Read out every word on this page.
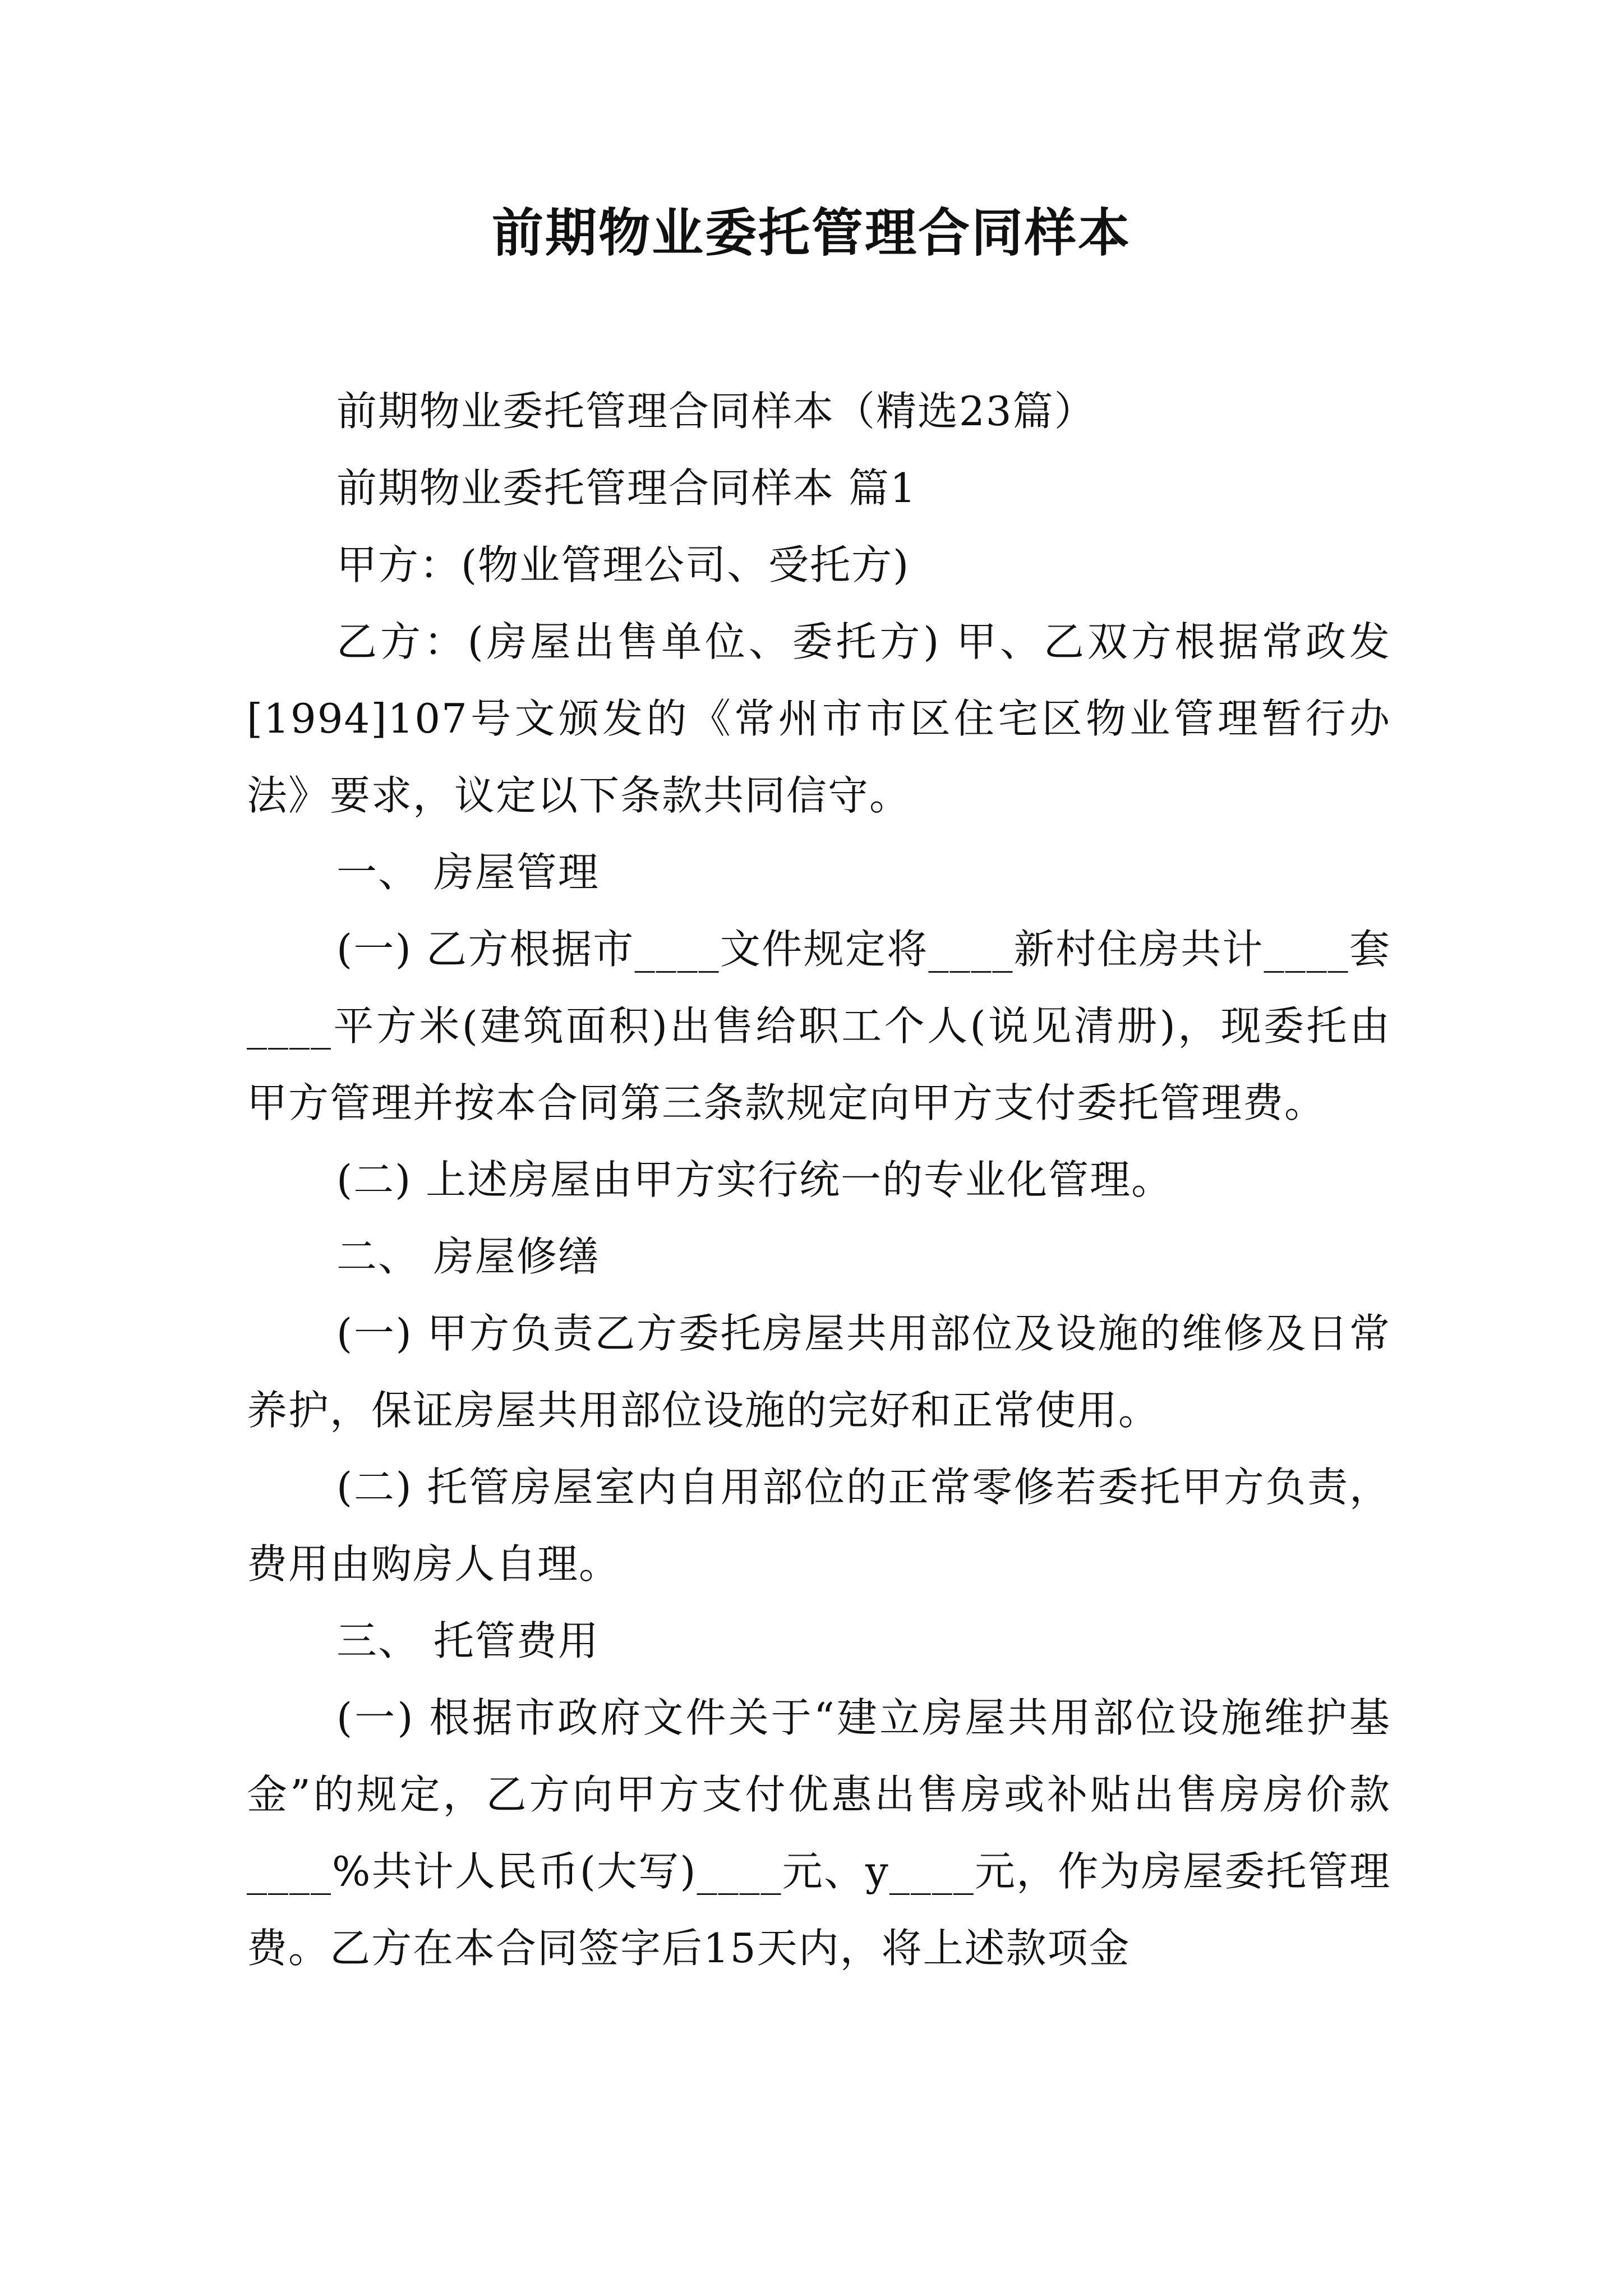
前期物业委托管理合同样本

前期物业委托管理合同样本（精选23篇）

前期物业委托管理合同样本 篇1

甲方：(物业管理公司、受托方)

乙方：(房屋出售单位、委托方) 甲、乙双方根据常政发[1994]107号文颁发的《常州市市区住宅区物业管理暂行办法》要求，议定以下条款共同信守。

一、 房屋管理

(一) 乙方根据市____文件规定将____新村住房共计____套____平方米(建筑面积)出售给职工个人(说见清册)，现委托由甲方管理并按本合同第三条款规定向甲方支付委托管理费。

(二) 上述房屋由甲方实行统一的专业化管理。

二、 房屋修缮

(一) 甲方负责乙方委托房屋共用部位及设施的维修及日常养护，保证房屋共用部位设施的完好和正常使用。

(二) 托管房屋室内自用部位的正常零修若委托甲方负责，费用由购房人自理。

三、 托管费用

(一) 根据市政府文件关于“建立房屋共用部位设施维护基金”的规定，乙方向甲方支付优惠出售房或补贴出售房房价款____%共计人民币(大写)____元、y____元，作为房屋委托管理费。乙方在本合同签字后15天内，将上述款项金
